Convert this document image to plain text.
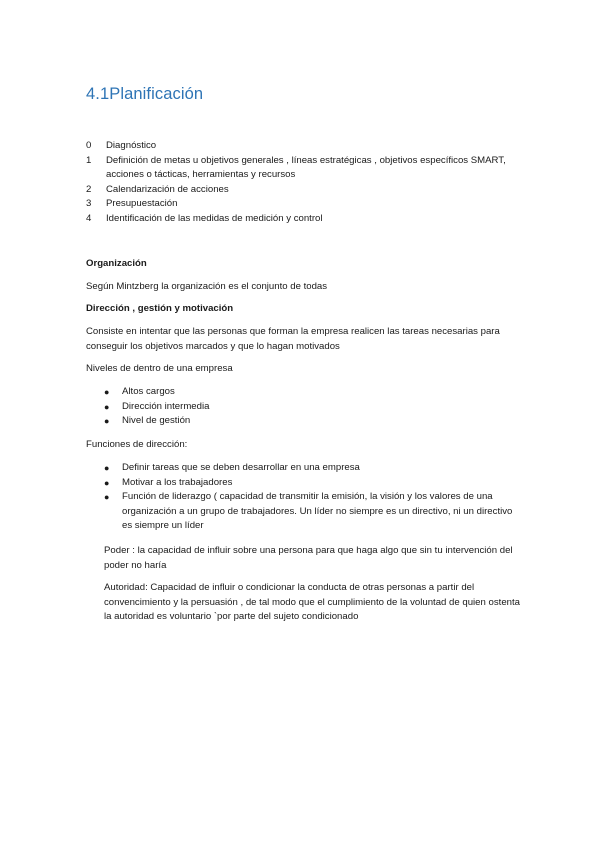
4.1Planificación
0	Diagnóstico
1	Definición de metas u objetivos generales , líneas estratégicas , objetivos específicos SMART, acciones o tácticas, herramientas y recursos
2	Calendarización de acciones
3	Presupuestación
4	Identificación de las medidas de medición y control
Organización
Según Mintzberg la organización es el conjunto de todas
Dirección , gestión y motivación
Consiste en intentar que las personas que forman la empresa realicen las tareas necesarias para conseguir los objetivos marcados y que lo hagan motivados
Niveles de dentro de una empresa
●	Altos cargos
●	Dirección intermedia
●	Nivel de gestión
Funciones de dirección:
●	Definir tareas que se deben desarrollar en una empresa
●	Motivar a los trabajadores
●	Función de liderazgo ( capacidad de transmitir la emisión, la visión y los valores de una organización a un grupo de trabajadores. Un líder no siempre es un directivo, ni un directivo es siempre un líder
Poder : la capacidad de influir sobre una persona para que haga algo que sin tu intervención del poder no haría
Autoridad: Capacidad de influir o condicionar la conducta de otras personas a partir del convencimiento y la persuasión , de tal modo que el cumplimiento de la voluntad de quien ostenta la autoridad es voluntario `por parte del sujeto condicionado
